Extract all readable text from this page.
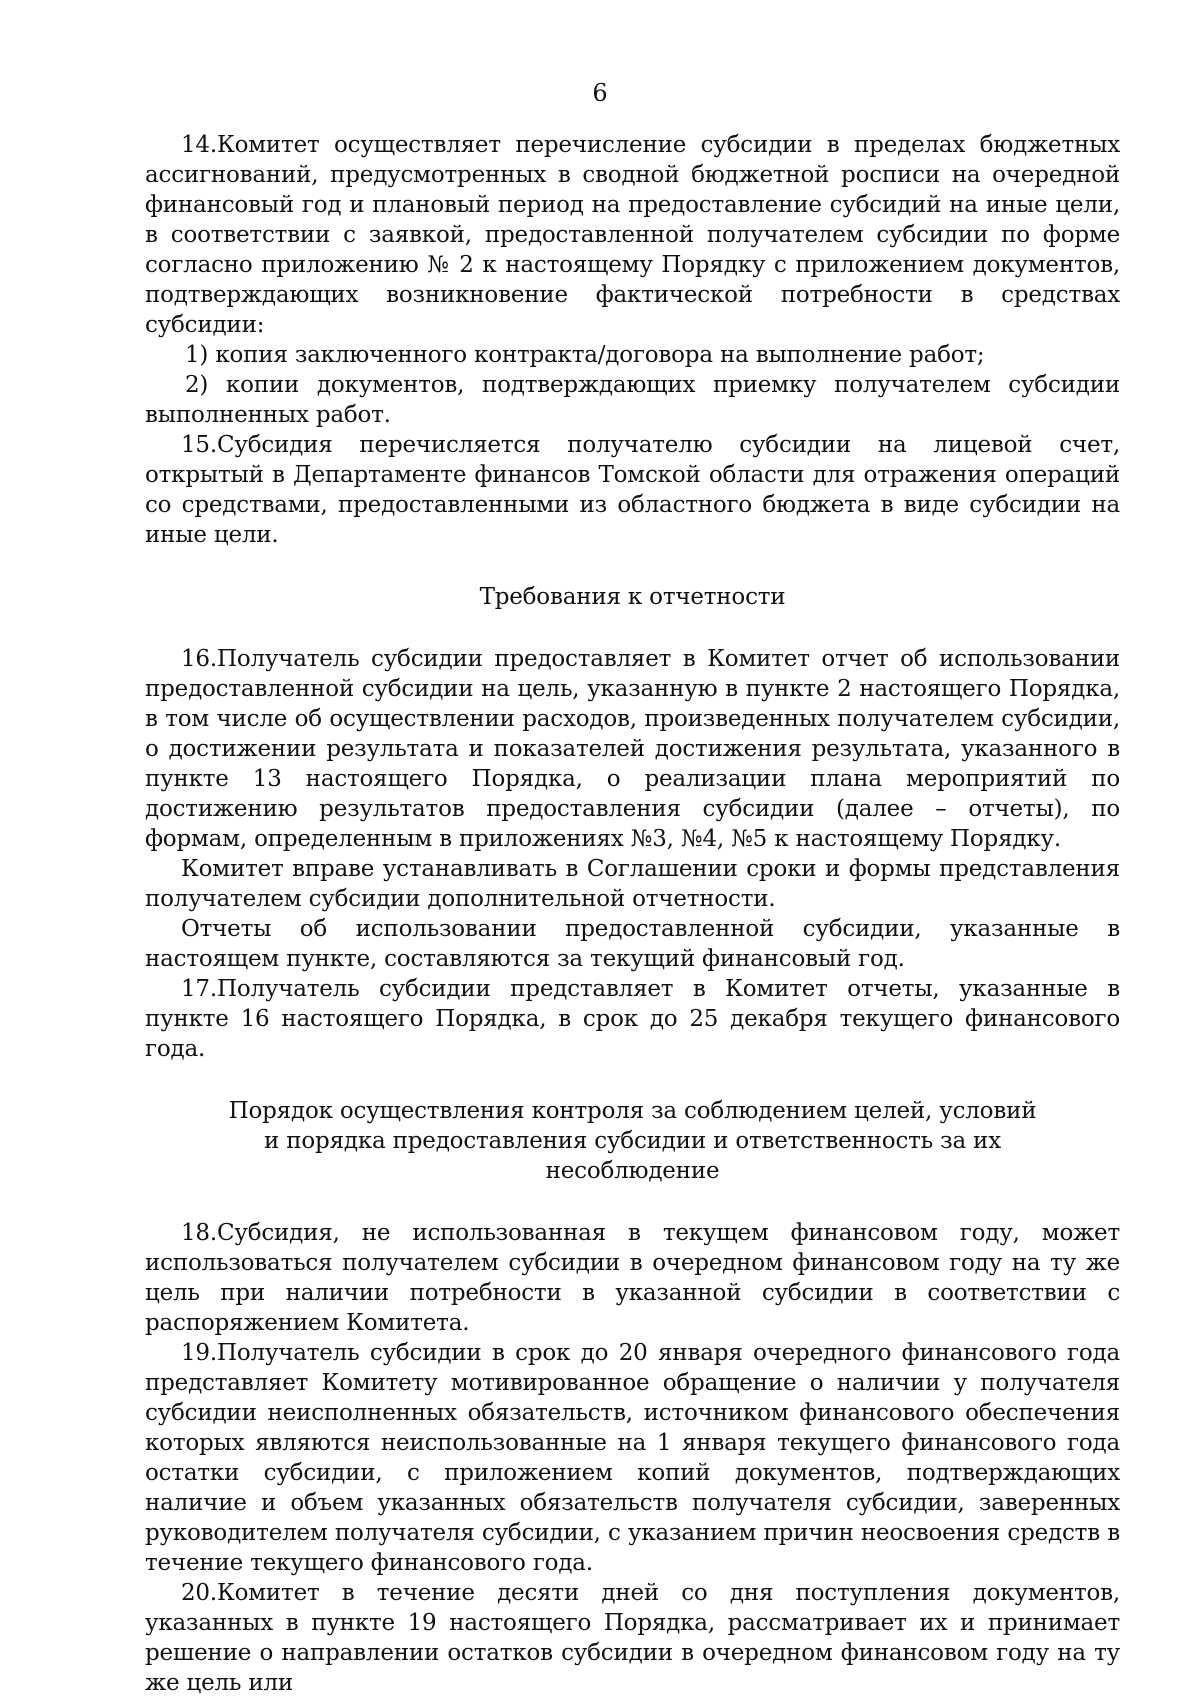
6

14.Комитет осуществляет перечисление субсидии в пределах бюджетных ассигнований, предусмотренных в сводной бюджетной росписи на очередной финансовый год и плановый период на предоставление субсидий на иные цели, в соответствии с заявкой, предоставленной получателем субсидии по форме согласно приложению № 2 к настоящему Порядку с приложением документов, подтверждающих возникновение фактической потребности в средствах субсидии:

1) копия заключенного контракта/договора на выполнение работ;

2) копии документов, подтверждающих приемку получателем субсидии выполненных работ.

15.Субсидия перечисляется получателю субсидии на лицевой счет, открытый в Департаменте финансов Томской области для отражения операций со средствами, предоставленными из областного бюджета в виде субсидии на иные цели.

Требования к отчетности

16.Получатель субсидии предоставляет в Комитет отчет об использовании предоставленной субсидии на цель, указанную в пункте 2 настоящего Порядка, в том числе об осуществлении расходов, произведенных получателем субсидии, о достижении результата и показателей достижения результата, указанного в пункте 13 настоящего Порядка, о реализации плана мероприятий по достижению результатов предоставления субсидии (далее – отчеты), по формам, определенным в приложениях №3, №4, №5 к настоящему Порядку.

Комитет вправе устанавливать в Соглашении сроки и формы представления получателем субсидии дополнительной отчетности.

Отчеты об использовании предоставленной субсидии, указанные в настоящем пункте, составляются за текущий финансовый год.

17.Получатель субсидии представляет в Комитет отчеты, указанные в пункте 16 настоящего Порядка, в срок до 25 декабря текущего финансового года.

Порядок осуществления контроля за соблюдением целей, условий и порядка предоставления субсидии и ответственность за их несоблюдение

18.Субсидия, не использованная в текущем финансовом году, может использоваться получателем субсидии в очередном финансовом году на ту же цель при наличии потребности в указанной субсидии в соответствии с распоряжением Комитета.

19.Получатель субсидии в срок до 20 января очередного финансового года представляет Комитету мотивированное обращение о наличии у получателя субсидии неисполненных обязательств, источником финансового обеспечения которых являются неиспользованные на 1 января текущего финансового года остатки субсидии, с приложением копий документов, подтверждающих наличие и объем указанных обязательств получателя субсидии, заверенных руководителем получателя субсидии, с указанием причин неосвоения средств в течение текущего финансового года.

20.Комитет в течение десяти дней со дня поступления документов, указанных в пункте 19 настоящего Порядка, рассматривает их и принимает решение о направлении остатков субсидии в очередном финансовом году на ту же цель или
